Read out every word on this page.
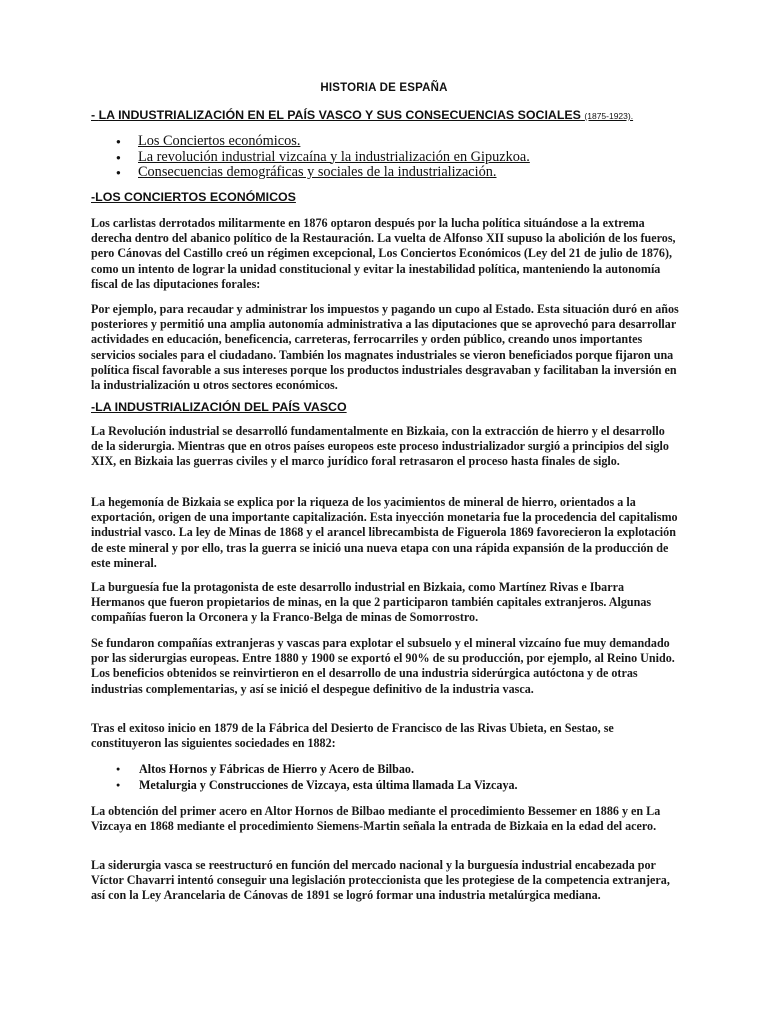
HISTORIA DE ESPAÑA
- LA INDUSTRIALIZACIÓN EN EL PAÍS VASCO Y SUS CONSECUENCIAS SOCIALES (1875-1923).
● Los Conciertos económicos.
● La revolución industrial vizcaína y la industrialización en Gipuzkoa.
● Consecuencias demográficas y sociales de la industrialización.
-LOS CONCIERTOS ECONÓMICOS

Los carlistas derrotados militarmente en 1876 optaron después por la lucha política situándose a la extrema derecha dentro del abanico político de la Restauración. La vuelta de Alfonso XII supuso la abolición de los fueros, pero Cánovas del Castillo creó un régimen excepcional, Los Conciertos Económicos (Ley del 21 de julio de 1876), como un intento de lograr la unidad constitucional y evitar la inestabilidad política, manteniendo la autonomía fiscal de las diputaciones forales:

Por ejemplo, para recaudar y administrar los impuestos y pagando un cupo al Estado. Esta situación duró en años posteriores y permitió una amplia autonomía administrativa a las diputaciones que se aprovechó para desarrollar actividades en educación, beneficencia, carreteras, ferrocarriles y orden público, creando unos importantes servicios sociales para el ciudadano. También los magnates industriales se vieron beneficiados porque fijaron una política fiscal favorable a sus intereses porque los productos industriales desgravaban y facilitaban la inversión en la industrialización u otros sectores económicos.

-LA INDUSTRIALIZACIÓN DEL PAÍS VASCO

La Revolución industrial se desarrolló fundamentalmente en Bizkaia, con la extracción de hierro y el desarrollo de la siderurgia. Mientras que en otros países europeos este proceso industrializador surgió a principios del siglo XIX, en Bizkaia las guerras civiles y el marco jurídico foral retrasaron el proceso hasta finales de siglo.

La hegemonía de Bizkaia se explica por la riqueza de los yacimientos de mineral de hierro, orientados a la exportación, origen de una importante capitalización. Esta inyección monetaria fue la procedencia del capitalismo industrial vasco. La ley de Minas de 1868 y el arancel librecambista de Figuerola 1869 favorecieron la explotación de este mineral y por ello, tras la guerra se inició una nueva etapa con una rápida expansión de la producción de este mineral.

La burguesía fue la protagonista de este desarrollo industrial en Bizkaia, como Martínez Rivas e Ibarra Hermanos que fueron propietarios de minas, en la que 2 participaron también capitales extranjeros. Algunas compañías fueron la Orconera y la Franco-Belga de minas de Somorrostro.

Se fundaron compañías extranjeras y vascas para explotar el subsuelo y el mineral vizcaíno fue muy demandado por las siderurgias europeas. Entre 1880 y 1900 se exportó el 90% de su producción, por ejemplo, al Reino Unido. Los beneficios obtenidos se reinvirtieron en el desarrollo de una industria siderúrgica autóctona y de otras industrias complementarias, y así se inició el despegue definitivo de la industria vasca.

Tras el exitoso inicio en 1879 de la Fábrica del Desierto de Francisco de las Rivas Ubieta, en Sestao, se constituyeron las siguientes sociedades en 1882:

● Altos Hornos y Fábricas de Hierro y Acero de Bilbao.
● Metalurgia y Construcciones de Vizcaya, esta última llamada La Vizcaya.

La obtención del primer acero en Altor Hornos de Bilbao mediante el procedimiento Bessemer en 1886 y en La Vizcaya en 1868 mediante el procedimiento Siemens-Martin señala la entrada de Bizkaia en la edad del acero.

La siderurgia vasca se reestructuró en función del mercado nacional y la burguesía industrial encabezada por Víctor Chavarri intentó conseguir una legislación proteccionista que les protegiese de la competencia extranjera, así con la Ley Arancelaria de Cánovas de 1891 se logró formar una industria metalúrgica mediana.
